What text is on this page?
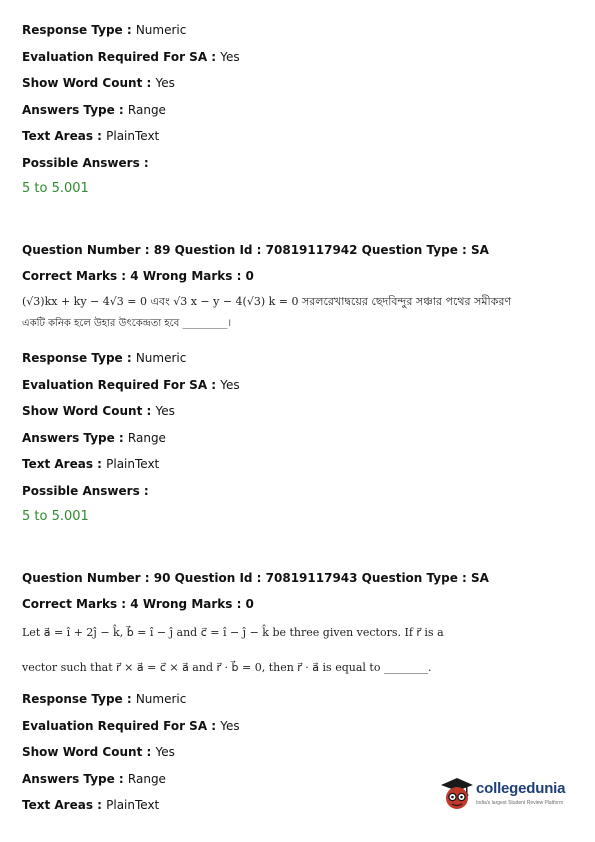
Response Type : Numeric
Evaluation Required For SA : Yes
Show Word Count : Yes
Answers Type : Range
Text Areas : PlainText
Possible Answers :
5 to 5.001
Question Number : 89 Question Id : 70819117942 Question Type : SA
Correct Marks : 4 Wrong Marks : 0
(√3)kx + ky − 4√3 = 0 এবং √3 x − y − 4(√3) k = 0 সরলরেখাদ্বয়ের ছেদবিন্দুর সঞ্চার পথের সমীকরণ
একটি কনিক হলে উহার উৎকেন্দ্রতা হবে _________।
Response Type : Numeric
Evaluation Required For SA : Yes
Show Word Count : Yes
Answers Type : Range
Text Areas : PlainText
Possible Answers :
5 to 5.001
Question Number : 90 Question Id : 70819117943 Question Type : SA
Correct Marks : 4 Wrong Marks : 0
Let a⃗ = î + 2ĵ − k̂, b⃗ = î − ĵ and c⃗ = î − ĵ − k̂ be three given vectors. If r⃗ is a
vector such that r⃗ × a⃗ = c⃗ × a⃗ and r⃗ · b⃗ = 0, then r⃗ · a⃗ is equal to ________.
Response Type : Numeric
Evaluation Required For SA : Yes
Show Word Count : Yes
Answers Type : Range
Text Areas : PlainText
collegedunia
India's largest Student Review Platform
